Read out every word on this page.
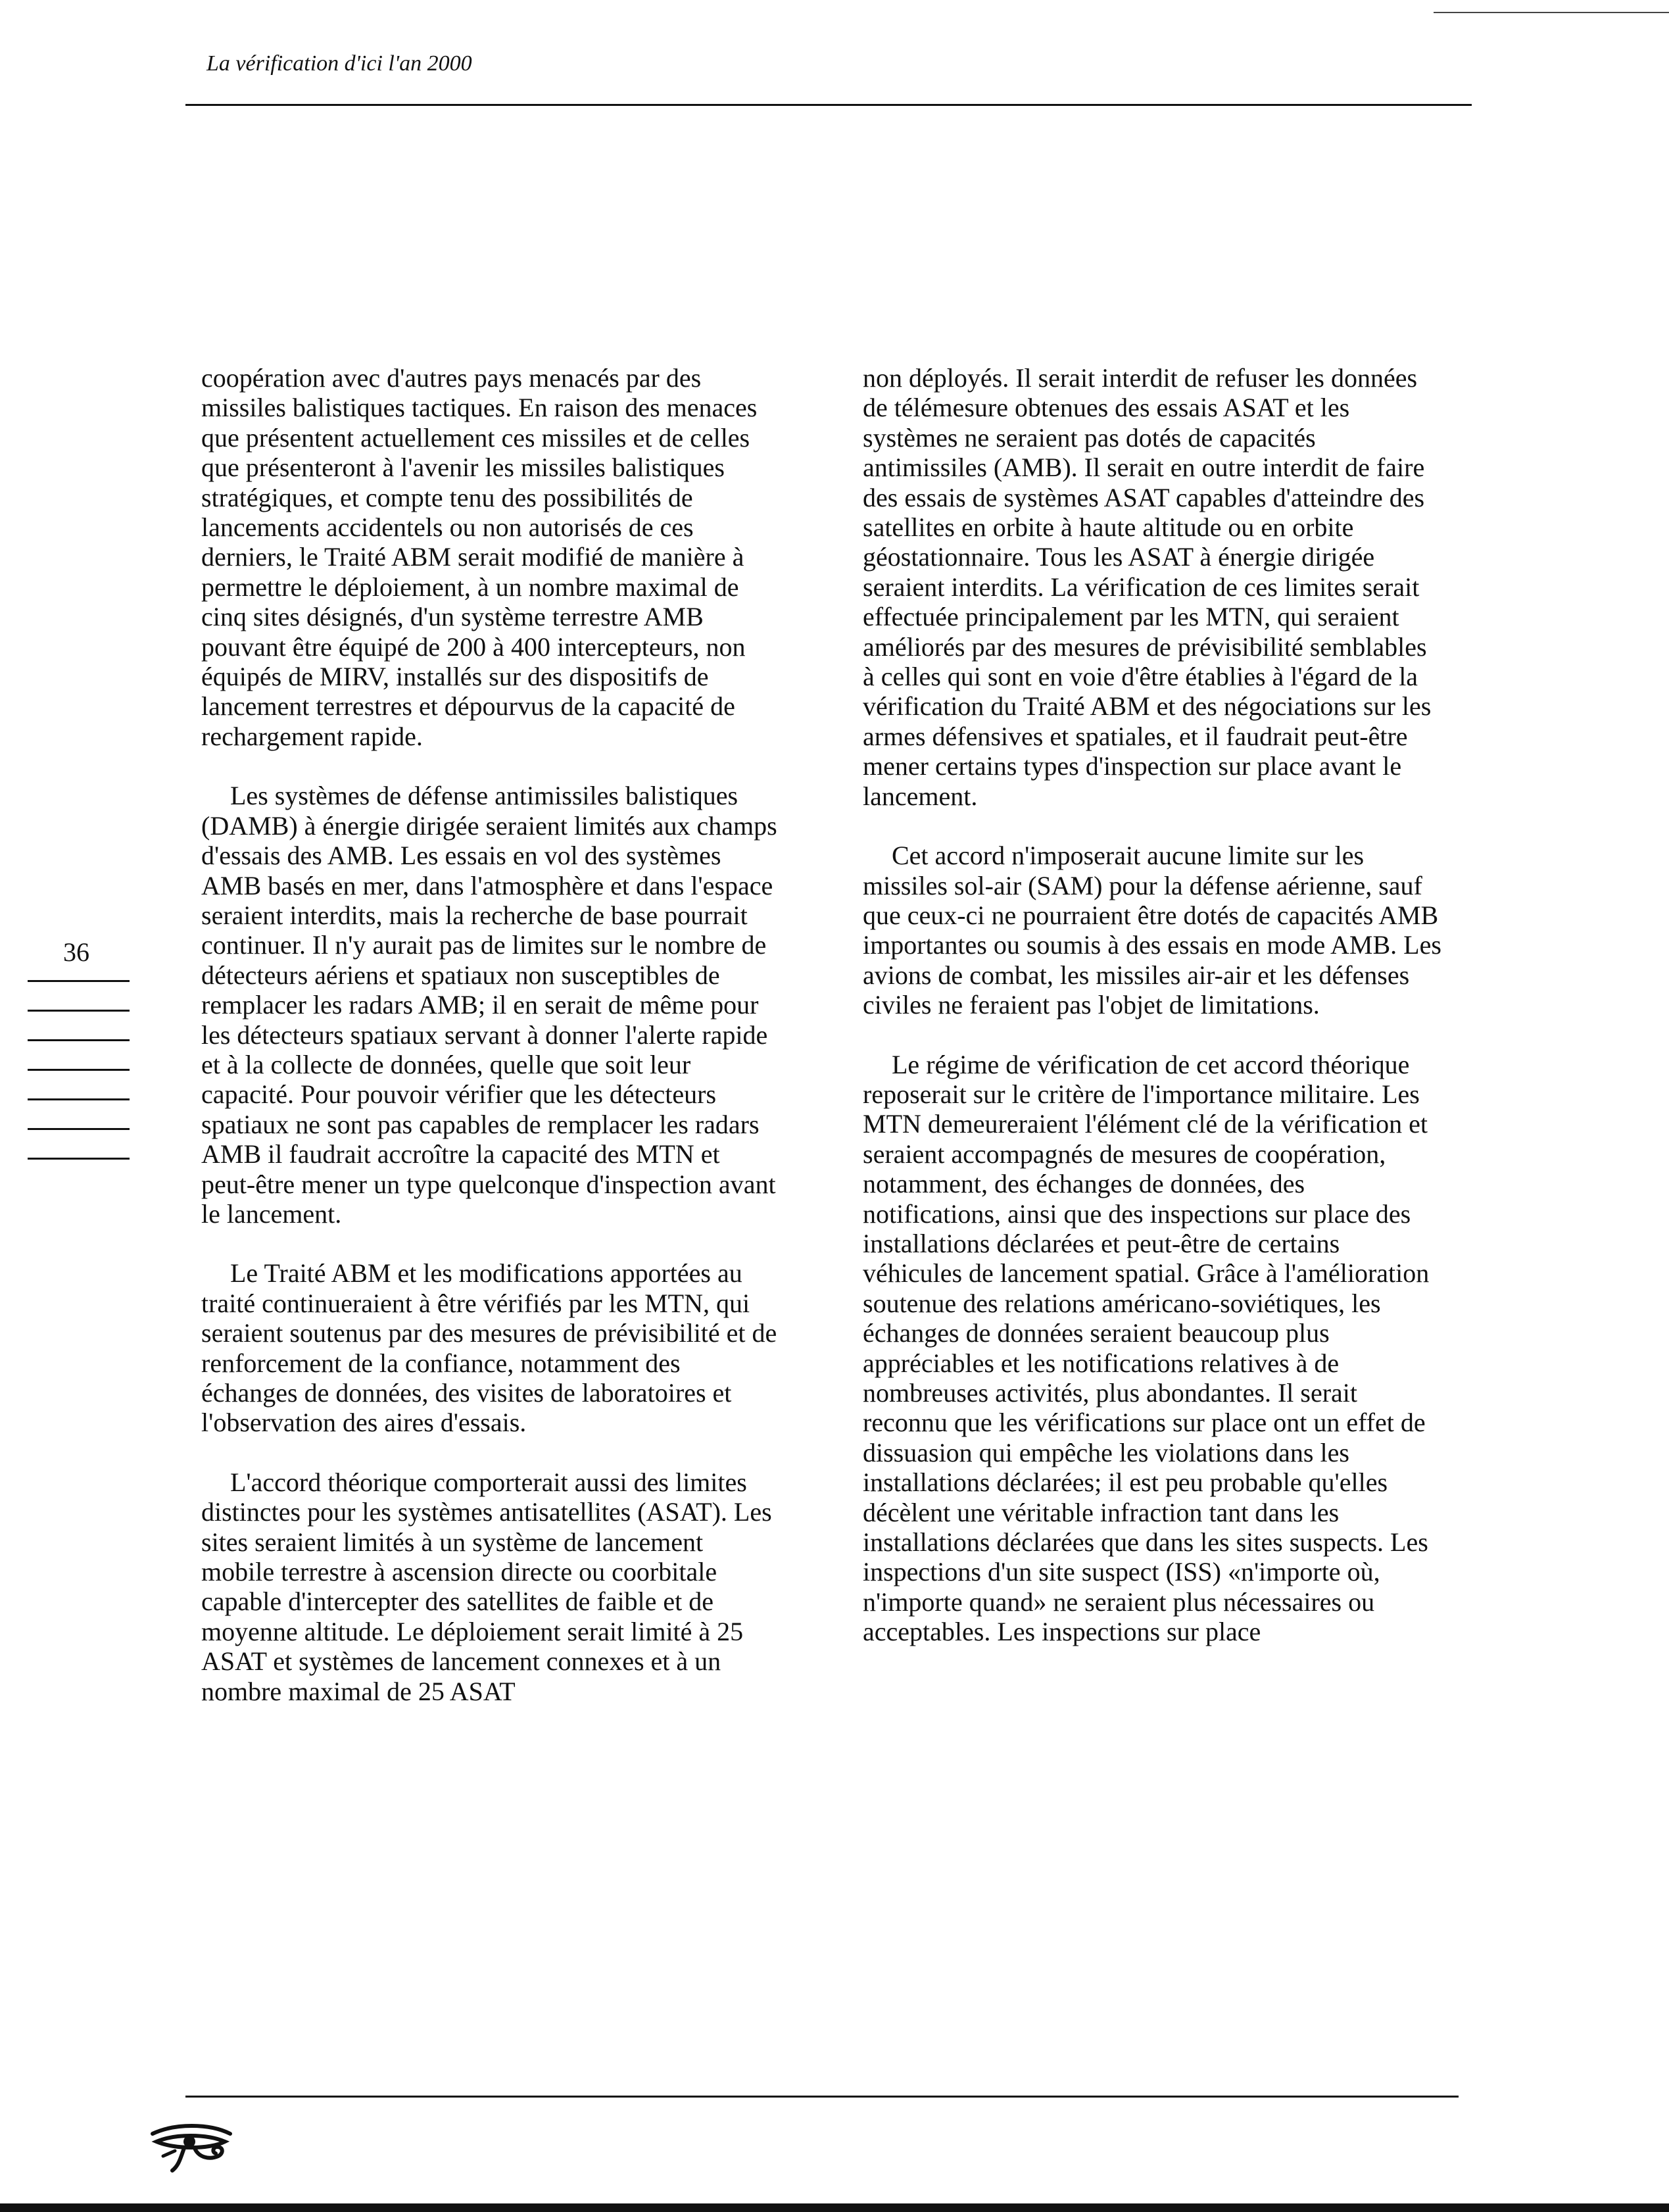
La vérification d'ici l'an 2000

coopération avec d'autres pays menacés par des missiles balistiques tactiques. En raison des menaces que présentent actuellement ces missiles et de celles que présenteront à l'avenir les missiles balistiques stratégiques, et compte tenu des possibilités de lancements accidentels ou non autorisés de ces derniers, le Traité ABM serait modifié de manière à permettre le déploiement, à un nombre maximal de cinq sites désignés, d'un système terrestre AMB pouvant être équipé de 200 à 400 intercepteurs, non équipés de MIRV, installés sur des dispositifs de lancement terrestres et dépourvus de la capacité de rechargement rapide.

Les systèmes de défense antimissiles balistiques (DAMB) à énergie dirigée seraient limités aux champs d'essais des AMB. Les essais en vol des systèmes AMB basés en mer, dans l'atmosphère et dans l'espace seraient interdits, mais la recherche de base pourrait continuer. Il n'y aurait pas de limites sur le nombre de détecteurs aériens et spatiaux non susceptibles de remplacer les radars AMB; il en serait de même pour les détecteurs spatiaux servant à donner l'alerte rapide et à la collecte de données, quelle que soit leur capacité. Pour pouvoir vérifier que les détecteurs spatiaux ne sont pas capables de remplacer les radars AMB il faudrait accroître la capacité des MTN et peut-être mener un type quelconque d'inspection avant le lancement.

Le Traité ABM et les modifications apportées au traité continueraient à être vérifiés par les MTN, qui seraient soutenus par des mesures de prévisibilité et de renforcement de la confiance, notamment des échanges de données, des visites de laboratoires et l'observation des aires d'essais.

L'accord théorique comporterait aussi des limites distinctes pour les systèmes antisatellites (ASAT). Les sites seraient limités à un système de lancement mobile terrestre à ascension directe ou coorbitale capable d'intercepter des satellites de faible et de moyenne altitude. Le déploiement serait limité à 25 ASAT et systèmes de lancement connexes et à un nombre maximal de 25 ASAT

non déployés. Il serait interdit de refuser les données de télémesure obtenues des essais ASAT et les systèmes ne seraient pas dotés de capacités antimissiles (AMB). Il serait en outre interdit de faire des essais de systèmes ASAT capables d'atteindre des satellites en orbite à haute altitude ou en orbite géostationnaire. Tous les ASAT à énergie dirigée seraient interdits. La vérification de ces limites serait effectuée principalement par les MTN, qui seraient améliorés par des mesures de prévisibilité semblables à celles qui sont en voie d'être établies à l'égard de la vérification du Traité ABM et des négociations sur les armes défensives et spatiales, et il faudrait peut-être mener certains types d'inspection sur place avant le lancement.

Cet accord n'imposerait aucune limite sur les missiles sol-air (SAM) pour la défense aérienne, sauf que ceux-ci ne pourraient être dotés de capacités AMB importantes ou soumis à des essais en mode AMB. Les avions de combat, les missiles air-air et les défenses civiles ne feraient pas l'objet de limitations.

Le régime de vérification de cet accord théorique reposerait sur le critère de l'importance militaire. Les MTN demeureraient l'élément clé de la vérification et seraient accompagnés de mesures de coopération, notamment, des échanges de données, des notifications, ainsi que des inspections sur place des installations déclarées et peut-être de certains véhicules de lancement spatial. Grâce à l'amélioration soutenue des relations américano-soviétiques, les échanges de données seraient beaucoup plus appréciables et les notifications relatives à de nombreuses activités, plus abondantes. Il serait reconnu que les vérifications sur place ont un effet de dissuasion qui empêche les violations dans les installations déclarées; il est peu probable qu'elles décèlent une véritable infraction tant dans les installations déclarées que dans les sites suspects. Les inspections d'un site suspect (ISS) «n'importe où, n'importe quand» ne seraient plus nécessaires ou acceptables. Les inspections sur place

36
